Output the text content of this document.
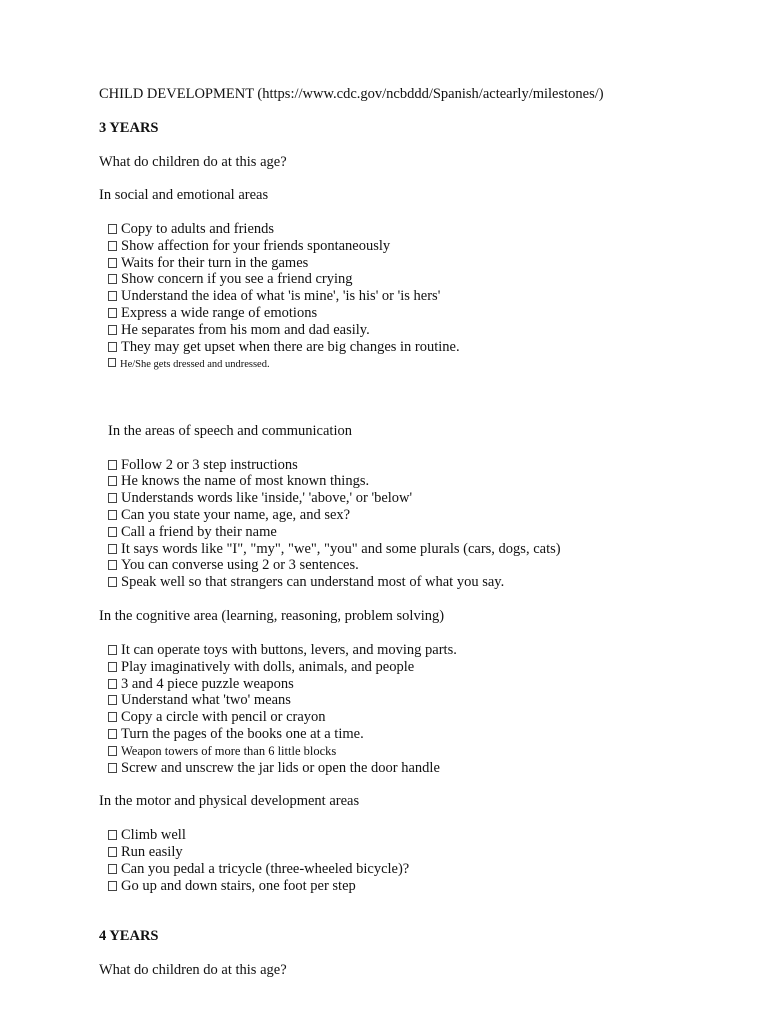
CHILD DEVELOPMENT (https://www.cdc.gov/ncbddd/Spanish/actearly/milestones/)
3 YEARS
What do children do at this age?
In social and emotional areas
Copy to adults and friends
Show affection for your friends spontaneously
Waits for their turn in the games
Show concern if you see a friend crying
Understand the idea of what 'is mine', 'is his' or 'is hers'
Express a wide range of emotions
He separates from his mom and dad easily.
They may get upset when there are big changes in routine.
He/She gets dressed and undressed.
In the areas of speech and communication
Follow 2 or 3 step instructions
He knows the name of most known things.
Understands words like 'inside,' 'above,' or 'below'
Can you state your name, age, and sex?
Call a friend by their name
It says words like "I", "my", "we", "you" and some plurals (cars, dogs, cats)
You can converse using 2 or 3 sentences.
Speak well so that strangers can understand most of what you say.
In the cognitive area (learning, reasoning, problem solving)
It can operate toys with buttons, levers, and moving parts.
Play imaginatively with dolls, animals, and people
3 and 4 piece puzzle weapons
Understand what 'two' means
Copy a circle with pencil or crayon
Turn the pages of the books one at a time.
Weapon towers of more than 6 little blocks
Screw and unscrew the jar lids or open the door handle
In the motor and physical development areas
Climb well
Run easily
Can you pedal a tricycle (three-wheeled bicycle)?
Go up and down stairs, one foot per step
4 YEARS
What do children do at this age?
